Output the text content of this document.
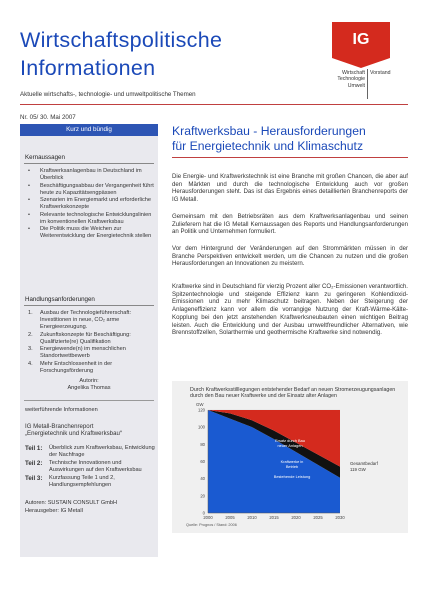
Wirtschaftspolitische
Informationen
Aktuelle wirtschafts-, technologie- und umweltpolitische Themen
IG
Wirtschaft
Technologie
Umwelt
Vorstand
Nr. 05/ 30. Mai 2007
Kurz und bündig
Kernaussagen
• Kraftwerksanlagenbau in Deutschland im Überblick
• Beschäftigungsabbau der Vergangenheit führt heute zu Kapazitätsengpässen
• Szenarien im Energiemarkt und erforderliche Kraftwerkskonzepte
• Relevante technologische Entwicklungslinien im konventionellen Kraftwerksbau
• Die Politik muss die Weichen zur Weiterentwicklung der Energietechnik stellen
Handlungsanforderungen
1. Ausbau der Technologieführerschaft: Investitionen in neue, CO₂ arme Energieerzeugung.
2. Zukunftskonzepte für Beschäftigung: Qualifizierte(re) Qualifikation
3. Energiewende(n) im menschlichen Standortwettbewerb
4. Mehr Entschlossenheit in der Forschungsförderung
Autorin:
Angelika Thomas
weiterführende Informationen
IG Metall-Branchenreport
„Energietechnik und Kraftwerksbau“
Teil 1: Überblick zum Kraftwerksbau, Entwicklung der Nachfrage
Teil 2: Technische Innovationen und Auswirkungen auf den Kraftwerksbau
Teil 3: Kurzfassung Teile 1 und 2, Handlungsempfehlungen
Autoren: SUSTAIN CONSULT GmbH
Herausgeber: IG Metall
Kraftwerksbau - Herausforderungen
für Energietechnik und Klimaschutz
Die Energie- und Kraftwerkstechnik ist eine Branche mit großen Chancen, die aber auf den Märkten und durch die technologische Entwicklung auch vor großen Herausforderungen steht. Das ist das Ergebnis eines detaillierten Branchenreports der IG Metall.
Gemeinsam mit den Betriebsräten aus dem Kraftwerksanlagenbau und seinen Zulieferern hat die IG Metall Kernaussagen des Reports und Handlungsanforderungen an Politik und Unternehmen formuliert.
Vor dem Hintergrund der Veränderungen auf den Strommärkten müssen in der Branche Perspektiven entwickelt werden, um die Chancen zu nutzen und die großen Herausforderungen an Innovationen zu meistern.
Kraftwerke sind in Deutschland für vierzig Prozent aller CO₂-Emissionen verantwortlich. Spitzentechnologie und steigende Effizienz kann zu geringeren Kohlendioxid-Emissionen und zu mehr Klimaschutz beitragen. Neben der Steigerung der Anlageneffizienz kann vor allem die vorrangige Nutzung der Kraft-Wärme-Kälte-Kopplung bei den jetzt anstehenden Kraftwerksneubauten einen wichtigen Beitrag leisten. Auch die Entwicklung und der Ausbau umweltfreundlicher Alternativen, wie Brennstoffzellen, Solarthermie und geothermische Kraftwerke sind notwendig.
Durch Kraftwerksstilllegungen entstehender Bedarf an neuen Stromerzeugungsanlagen durch den Bau neuer Kraftwerke und der Einsatz alter Anlagen
0
20
40
60
80
100
120
GW
2000	2005	2010	2015	2020	2025	2030
Ersatz durch Bau
neuer Anlagen
Kraftwerke in
Betrieb
Bestehende Leistung
Gesamtbedarf
119 GW
Quelle: Prognos / Stand: 2006
